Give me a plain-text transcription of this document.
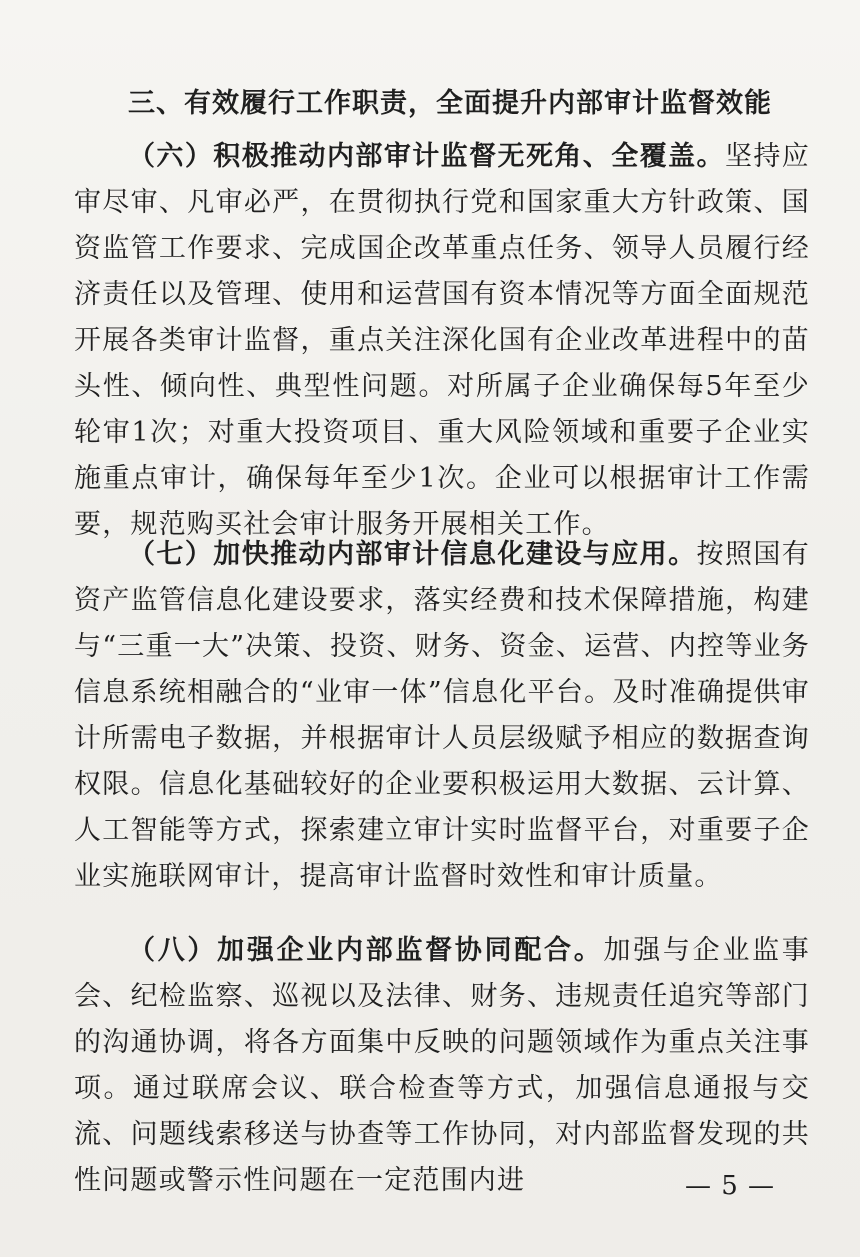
三、有效履行工作职责，全面提升内部审计监督效能

（六）积极推动内部审计监督无死角、全覆盖。坚持应审尽审、凡审必严，在贯彻执行党和国家重大方针政策、国资监管工作要求、完成国企改革重点任务、领导人员履行经济责任以及管理、使用和运营国有资本情况等方面全面规范开展各类审计监督，重点关注深化国有企业改革进程中的苗头性、倾向性、典型性问题。对所属子企业确保每5年至少轮审1次；对重大投资项目、重大风险领域和重要子企业实施重点审计，确保每年至少1次。企业可以根据审计工作需要，规范购买社会审计服务开展相关工作。

（七）加快推动内部审计信息化建设与应用。按照国有资产监管信息化建设要求，落实经费和技术保障措施，构建与“三重一大”决策、投资、财务、资金、运营、内控等业务信息系统相融合的“业审一体”信息化平台。及时准确提供审计所需电子数据，并根据审计人员层级赋予相应的数据查询权限。信息化基础较好的企业要积极运用大数据、云计算、人工智能等方式，探索建立审计实时监督平台，对重要子企业实施联网审计，提高审计监督时效性和审计质量。

（八）加强企业内部监督协同配合。加强与企业监事会、纪检监察、巡视以及法律、财务、违规责任追究等部门的沟通协调，将各方面集中反映的问题领域作为重点关注事项。通过联席会议、联合检查等方式，加强信息通报与交流、问题线索移送与协查等工作协同，对内部监督发现的共性问题或警示性问题在一定范围内进	— 5 —
